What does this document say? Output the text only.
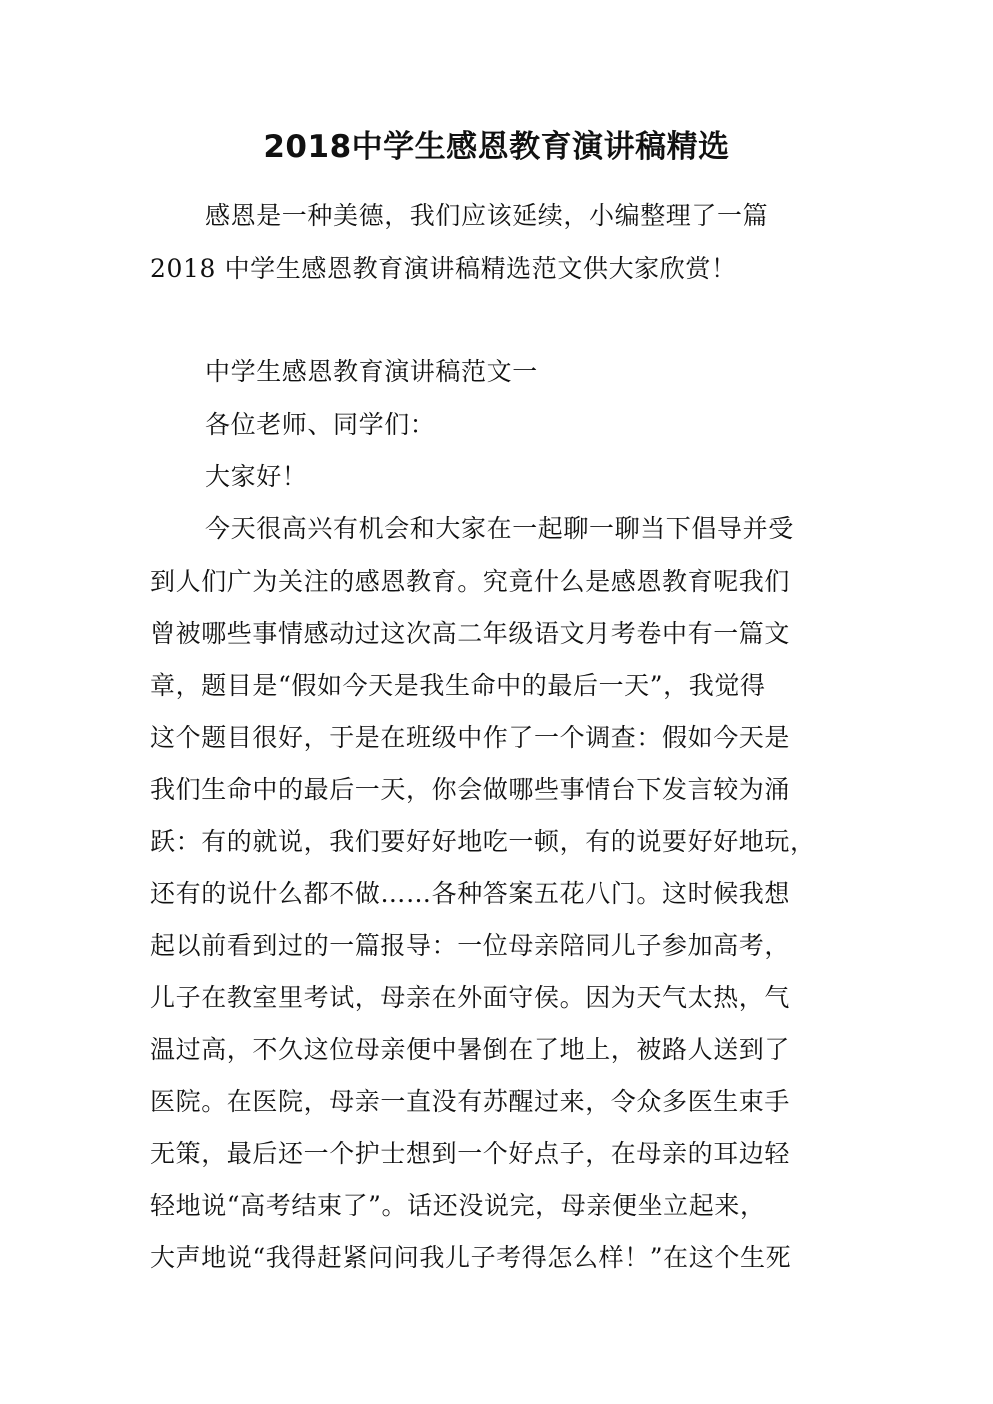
2018中学生感恩教育演讲稿精选
感恩是一种美德，我们应该延续，小编整理了一篇
2018 中学生感恩教育演讲稿精选范文供大家欣赏！
中学生感恩教育演讲稿范文一
各位老师、同学们：
大家好！
今天很高兴有机会和大家在一起聊一聊当下倡导并受
到人们广为关注的感恩教育。究竟什么是感恩教育呢我们
曾被哪些事情感动过这次高二年级语文月考卷中有一篇文
章，题目是“假如今天是我生命中的最后一天”，我觉得
这个题目很好，于是在班级中作了一个调查：假如今天是
我们生命中的最后一天，你会做哪些事情台下发言较为涌
跃：有的就说，我们要好好地吃一顿，有的说要好好地玩，
还有的说什么都不做……各种答案五花八门。这时候我想
起以前看到过的一篇报导：一位母亲陪同儿子参加高考，
儿子在教室里考试，母亲在外面守侯。因为天气太热，气
温过高，不久这位母亲便中暑倒在了地上，被路人送到了
医院。在医院，母亲一直没有苏醒过来，令众多医生束手
无策，最后还一个护士想到一个好点子，在母亲的耳边轻
轻地说“高考结束了”。话还没说完，母亲便坐立起来，
大声地说“我得赶紧问问我儿子考得怎么样！”在这个生死
